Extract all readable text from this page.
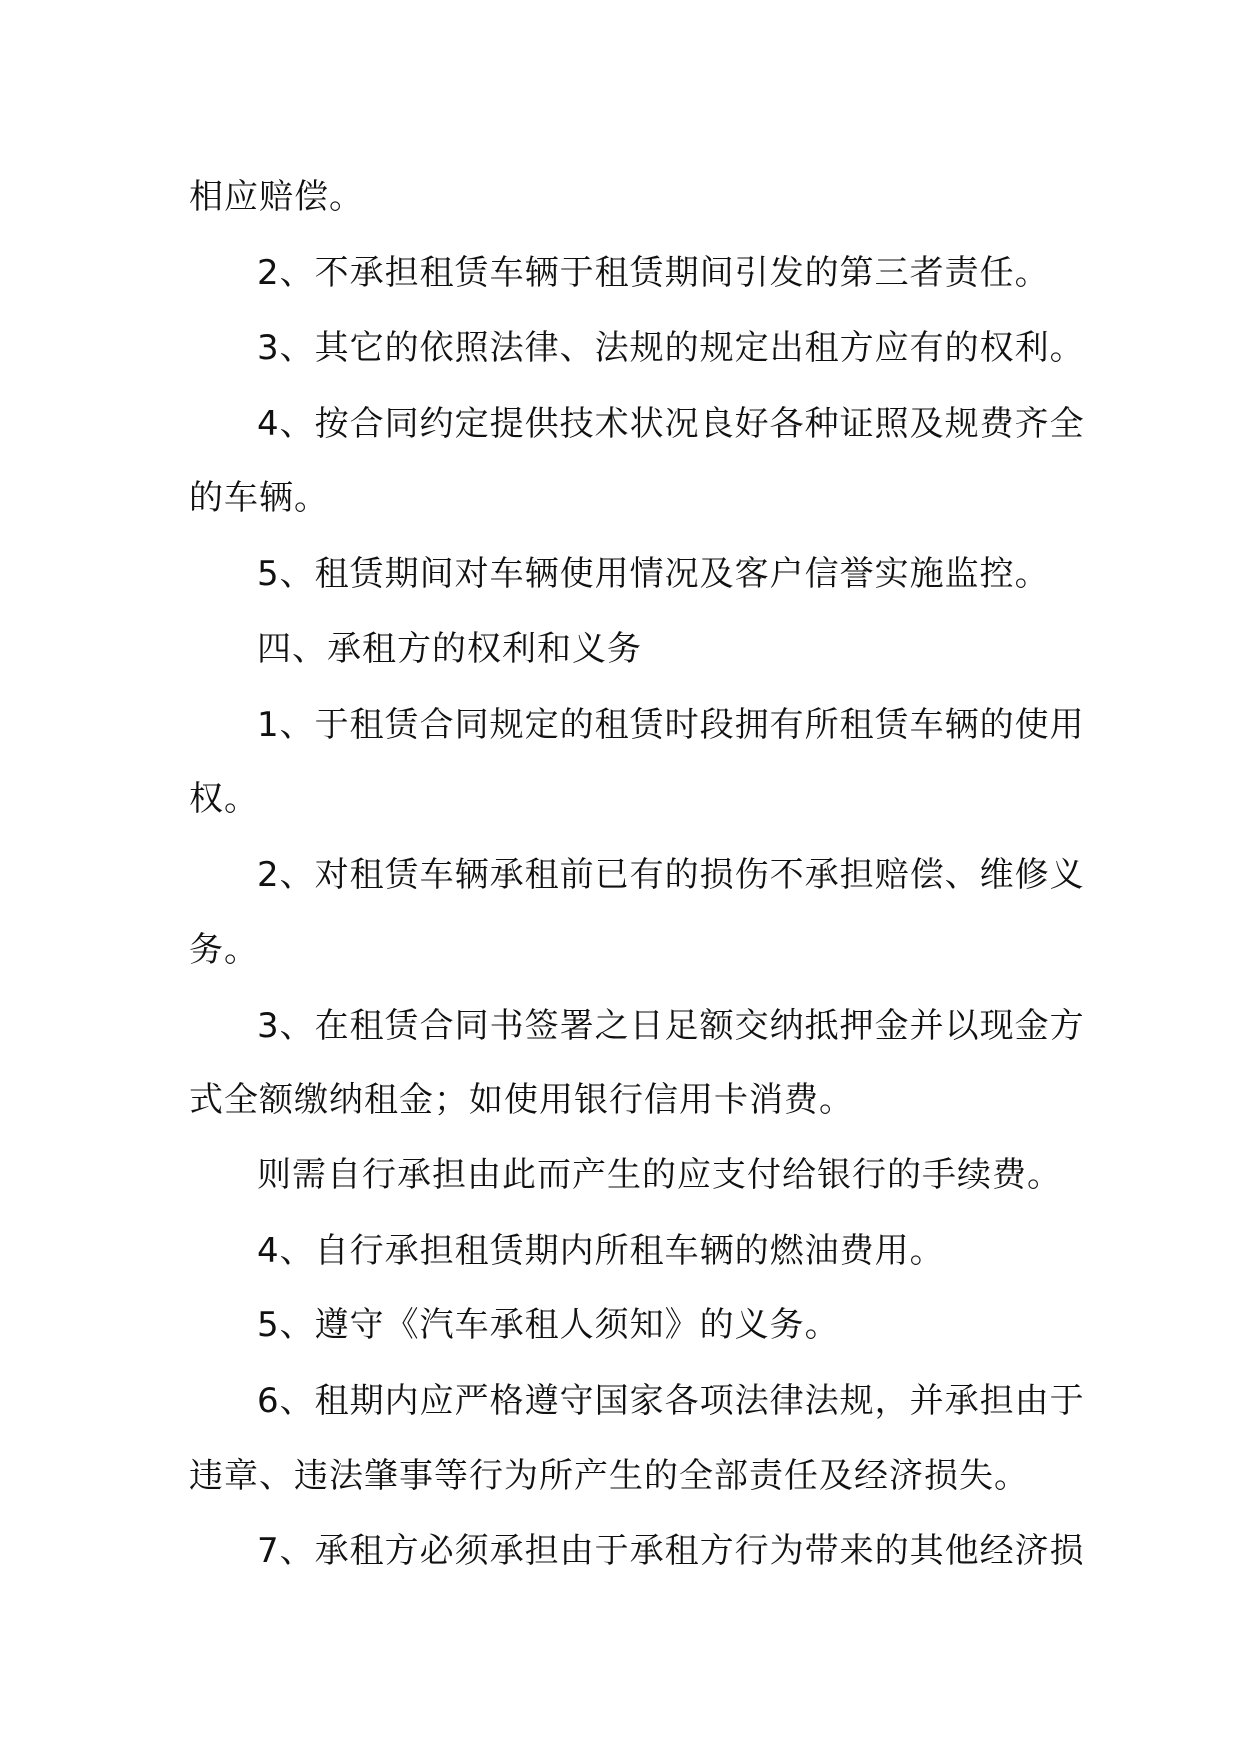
相应赔偿。
2、不承担租赁车辆于租赁期间引发的第三者责任。
3、其它的依照法律、法规的规定出租方应有的权利。
4、按合同约定提供技术状况良好各种证照及规费齐全
的车辆。
5、租赁期间对车辆使用情况及客户信誉实施监控。
四、承租方的权利和义务
1、于租赁合同规定的租赁时段拥有所租赁车辆的使用
权。
2、对租赁车辆承租前已有的损伤不承担赔偿、维修义
务。
3、在租赁合同书签署之日足额交纳抵押金并以现金方
式全额缴纳租金；如使用银行信用卡消费。
则需自行承担由此而产生的应支付给银行的手续费。
4、自行承担租赁期内所租车辆的燃油费用。
5、遵守《汽车承租人须知》的义务。
6、租期内应严格遵守国家各项法律法规，并承担由于
违章、违法肇事等行为所产生的全部责任及经济损失。
7、承租方必须承担由于承租方行为带来的其他经济损
